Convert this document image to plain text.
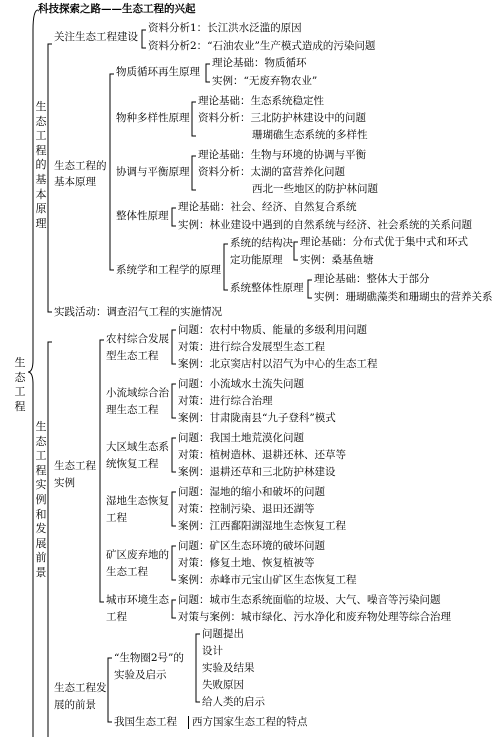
科技探索之路——生态工程的兴起
生态工程
生态工程的基本原理
关注生态工程建设
资料分析1：长江洪水泛滥的原因
资料分析2：“石油农业”生产模式造成的污染问题
生态工程的基本原理
物质循环再生原理
理论基础：物质循环
实例：“无废弃物农业”
物种多样性原理
理论基础：生态系统稳定性
资料分析：三北防护林建设中的问题
珊瑚礁生态系统的多样性
协调与平衡原理
理论基础：生物与环境的协调与平衡
资料分析：太湖的富营养化问题
西北一些地区的防护林问题
整体性原理
理论基础：社会、经济、自然复合系统
实例：林业建设中遇到的自然系统与经济、社会系统的关系问题
系统学和工程学的原理
系统的结构决
定功能原理
理论基础：分布式优于集中式和环式
实例：桑基鱼塘
系统整体性原理
理论基础：整体大于部分
实例：珊瑚礁藻类和珊瑚虫的营养关系
实践活动：调查沼气工程的实施情况
生态工程实例和发展前景
生态工程
实例
农村综合发展
型生态工程
问题：农村中物质、能量的多级利用问题
对策：进行综合发展型生态工程
案例：北京窦店村以沼气为中心的生态工程
小流域综合治
理生态工程
问题：小流域水土流失问题
对策：进行综合治理
案例：甘肃陇南县“九子登科”模式
大区域生态系
统恢复工程
问题：我国土地荒漠化问题
对策：植树造林、退耕还林、还草等
案例：退耕还草和三北防护林建设
湿地生态恢复
工程
问题：湿地的缩小和破坏的问题
对策：控制污染、退田还湖等
案例：江西鄱阳湖湿地生态恢复工程
矿区废弃地的
生态工程
问题：矿区生态环境的破坏问题
对策：修复土地、恢复植被等
案例：赤峰市元宝山矿区生态恢复工程
城市环境生态
工程
问题：城市生态系统面临的垃圾、大气、噪音等污染问题
对策与案例：城市绿化、污水净化和废弃物处理等综合治理
生态工程发
展的前景
“生物圈2号”的
实验及启示
问题提出
设计
实验及结果
失败原因
给人类的启示
我国生态工程	西方国家生态工程的特点
